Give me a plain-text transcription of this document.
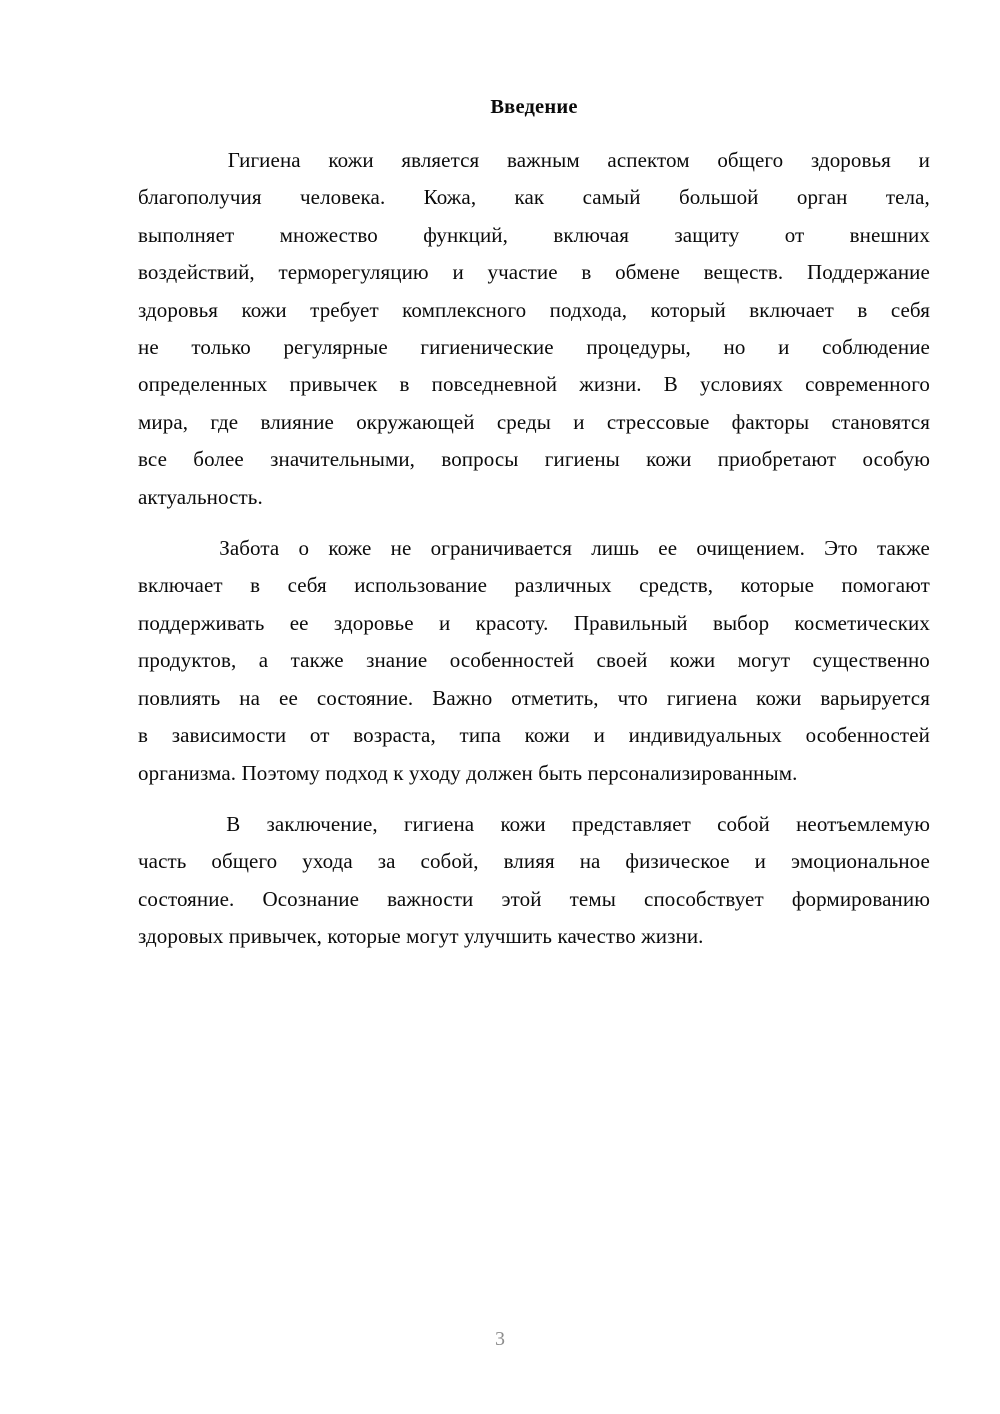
Введение

Гигиена кожи является важным аспектом общего здоровья и
благополучия человека. Кожа, как самый большой орган тела,
выполняет множество функций, включая защиту от внешних
воздействий, терморегуляцию и участие в обмене веществ. Поддержание
здоровья кожи требует комплексного подхода, который включает в себя
не только регулярные гигиенические процедуры, но и соблюдение
определенных привычек в повседневной жизни. В условиях современного
мира, где влияние окружающей среды и стрессовые факторы становятся
все более значительными, вопросы гигиены кожи приобретают особую
актуальность.

Забота о коже не ограничивается лишь ее очищением. Это также
включает в себя использование различных средств, которые помогают
поддерживать ее здоровье и красоту. Правильный выбор косметических
продуктов, а также знание особенностей своей кожи могут существенно
повлиять на ее состояние. Важно отметить, что гигиена кожи варьируется
в зависимости от возраста, типа кожи и индивидуальных особенностей
организма. Поэтому подход к уходу должен быть персонализированным.

В заключение, гигиена кожи представляет собой неотъемлемую
часть общего ухода за собой, влияя на физическое и эмоциональное
состояние. Осознание важности этой темы способствует формированию
здоровых привычек, которые могут улучшить качество жизни.

3
